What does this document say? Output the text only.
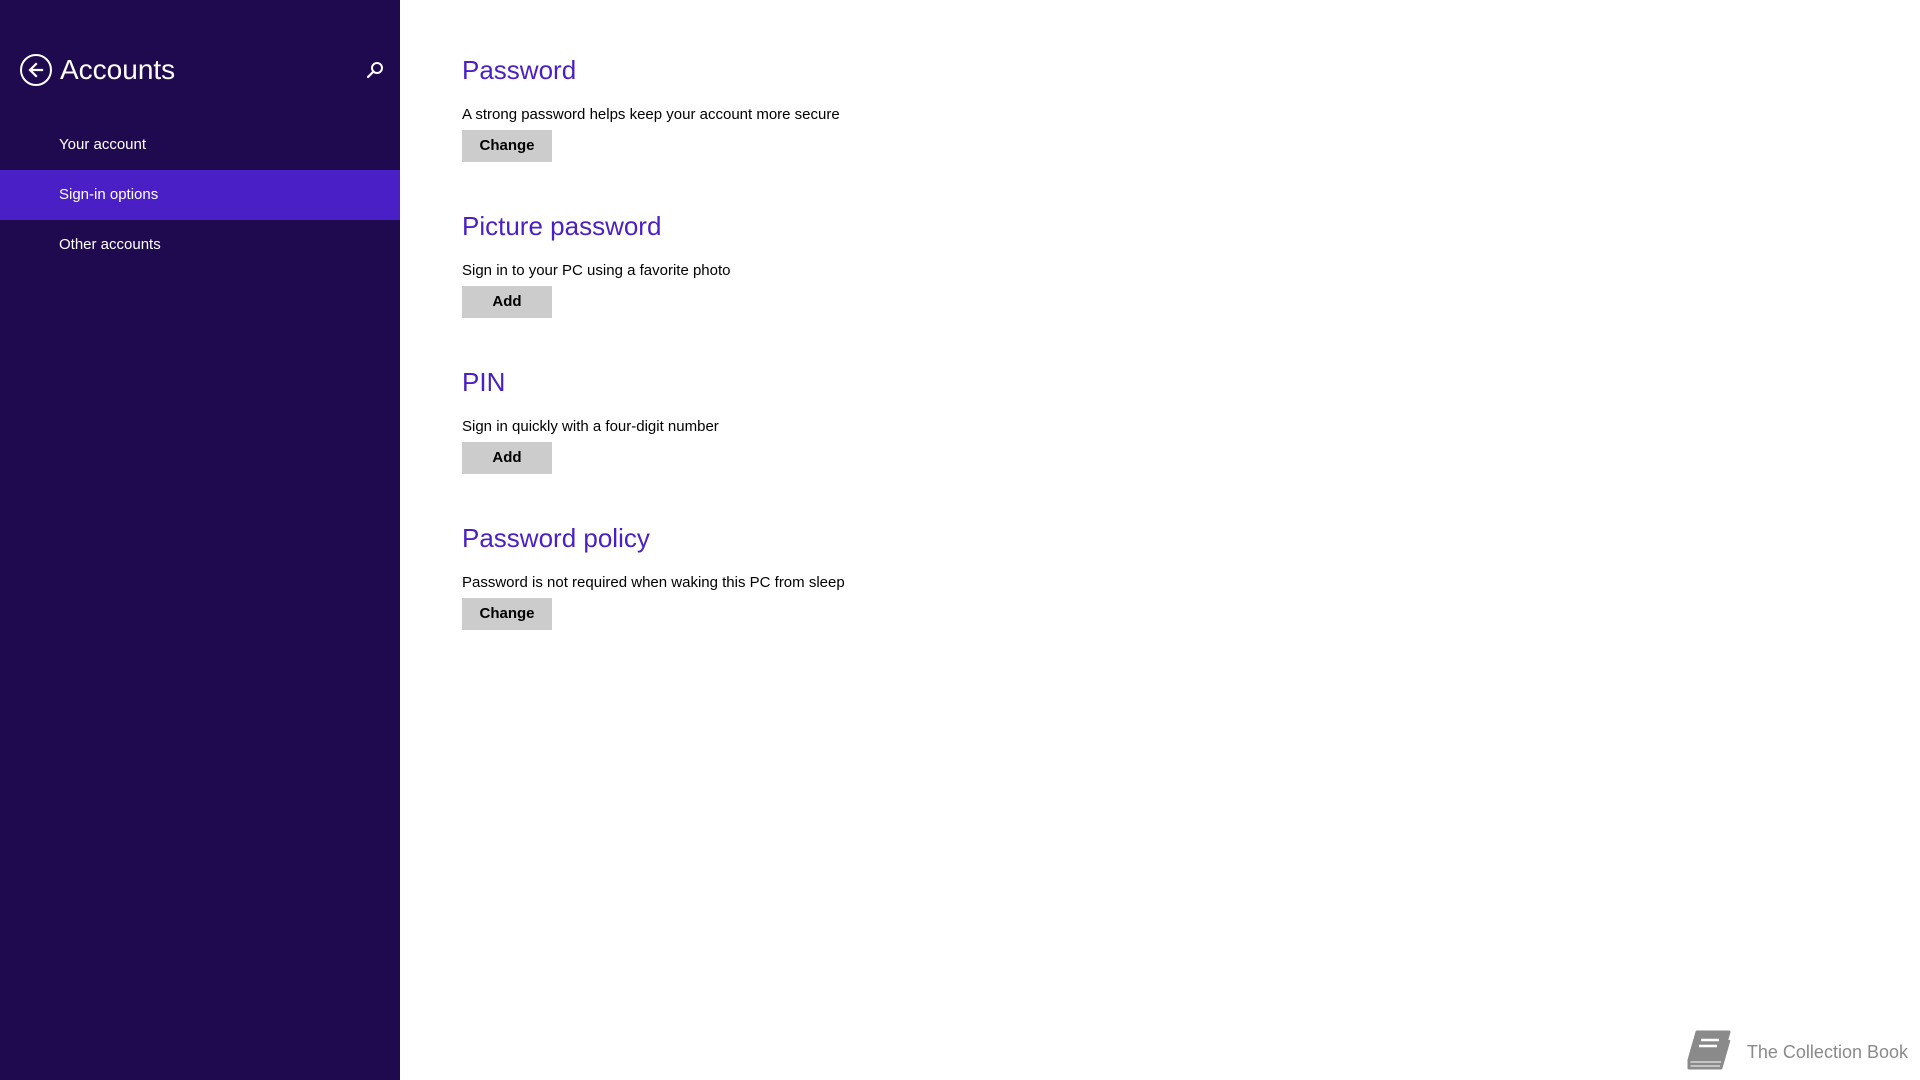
Accounts
Your account
Sign-in options
Other accounts
Password
A strong password helps keep your account more secure
Change
Picture password
Sign in to your PC using a favorite photo
Add
PIN
Sign in quickly with a four-digit number
Add
Password policy
Password is not required when waking this PC from sleep
Change
The Collection Book
